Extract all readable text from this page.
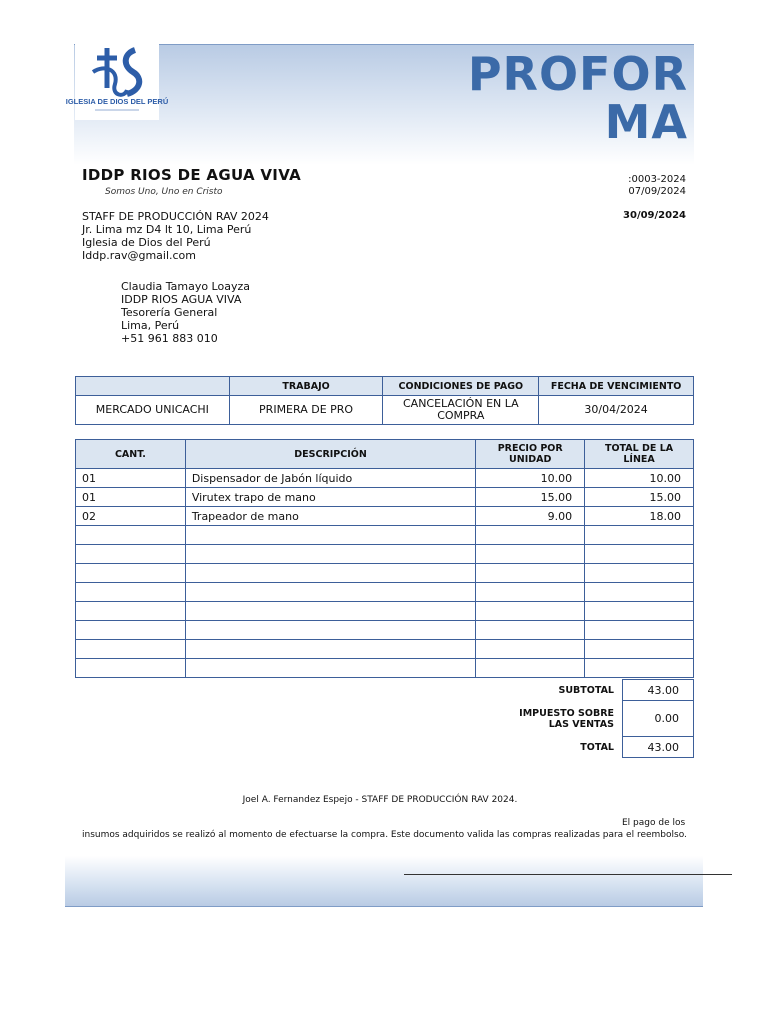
IGLESIA DE DIOS DEL PERÚ
PROFOR MA
IDDP RIOS DE AGUA VIVA
Somos Uno, Uno en Cristo
:0003-2024
07/09/2024
30/09/2024
STAFF DE PRODUCCIÓN RAV 2024
Jr. Lima mz D4 lt 10, Lima Perú
Iglesia de Dios del Perú
Iddp.rav@gmail.com
Claudia Tamayo Loayza
IDDP RIOS AGUA VIVA
Tesorería General
Lima, Perú
+51 961 883 010
	TRABAJO	CONDICIONES DE PAGO	FECHA DE VENCIMIENTO
MERCADO UNICACHI	PRIMERA DE PRO	CANCELACIÓN EN LA COMPRA	30/04/2024
CANT.	DESCRIPCIÓN	PRECIO POR UNIDAD	TOTAL DE LA LÍNEA
01	Dispensador de Jabón líquido	10.00	10.00
01	Virutex trapo de mano	15.00	15.00
02	Trapeador de mano	9.00	18.00

SUBTOTAL	43.00
IMPUESTO SOBRE LAS VENTAS	0.00
TOTAL	43.00
Joel A. Fernandez Espejo - STAFF DE PRODUCCIÓN RAV 2024.
El pago de los insumos adquiridos se realizó al momento de efectuarse la compra. Este documento valida las compras realizadas para el reembolso.
